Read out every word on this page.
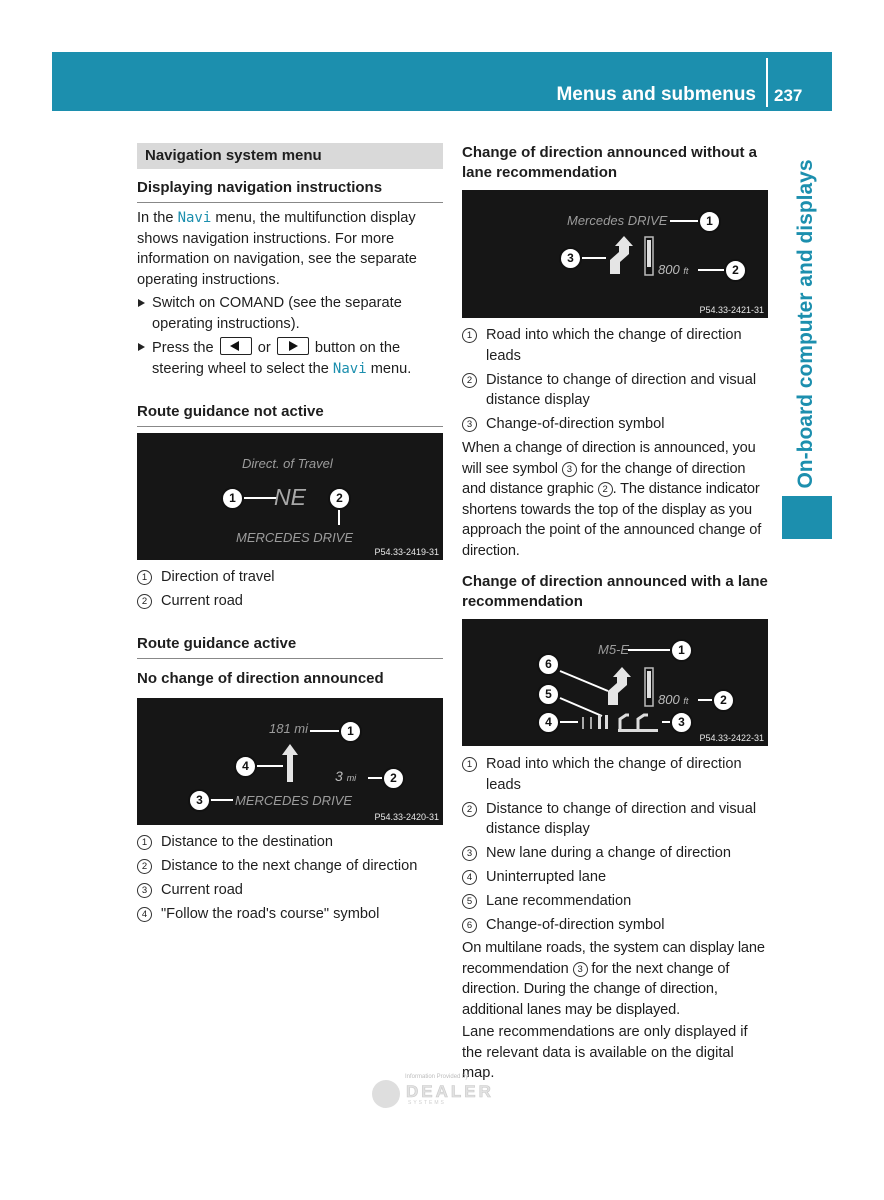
Menus and submenus 237
On-board computer and displays
Navigation system menu
Displaying navigation instructions

In the Navi menu, the multifunction display shows navigation instructions. For more information on navigation, see the separate operating instructions.

Switch on COMAND (see the separate operating instructions).
Press the	or	button on the steering wheel to select the Navi menu.
Route guidance not active
Direct. of Travel
NE
MERCEDES DRIVE
1	2
P54.33-2419-31
1 Direction of travel
2 Current road
Route guidance active

No change of direction announced

181 mi
3 mi
MERCEDES DRIVE
1
2
3
4
P54.33-2420-31
1 Distance to the destination
2 Distance to the next change of direction
3 Current road
4 "Follow the road's course" symbol

Change of direction announced without a lane recommendation

Mercedes DRIVE
800 ft
1
2
3
P54.33-2421-31
1 Road into which the change of direction leads
2 Distance to change of direction and visual distance display
3 Change-of-direction symbol

When a change of direction is announced, you will see symbol 3 for the change of direction and distance graphic 2 . The distance indicator shortens towards the top of the display as you approach the point of the announced change of direction.

Change of direction announced with a lane recommendation

M5-E
800 ft
1
2
3
4
5
6
P54.33-2422-31
1 Road into which the change of direction leads
2 Distance to change of direction and visual distance display
3 New lane during a change of direction
4 Uninterrupted lane
5 Lane recommendation
6 Change-of-direction symbol

On multilane roads, the system can display lane recommendation 3 for the next change of direction. During the change of direction, additional lanes may be displayed.

Lane recommendations are only displayed if the relevant data is available on the digital map.

Information Provided by
DEALER
SYSTEMS
